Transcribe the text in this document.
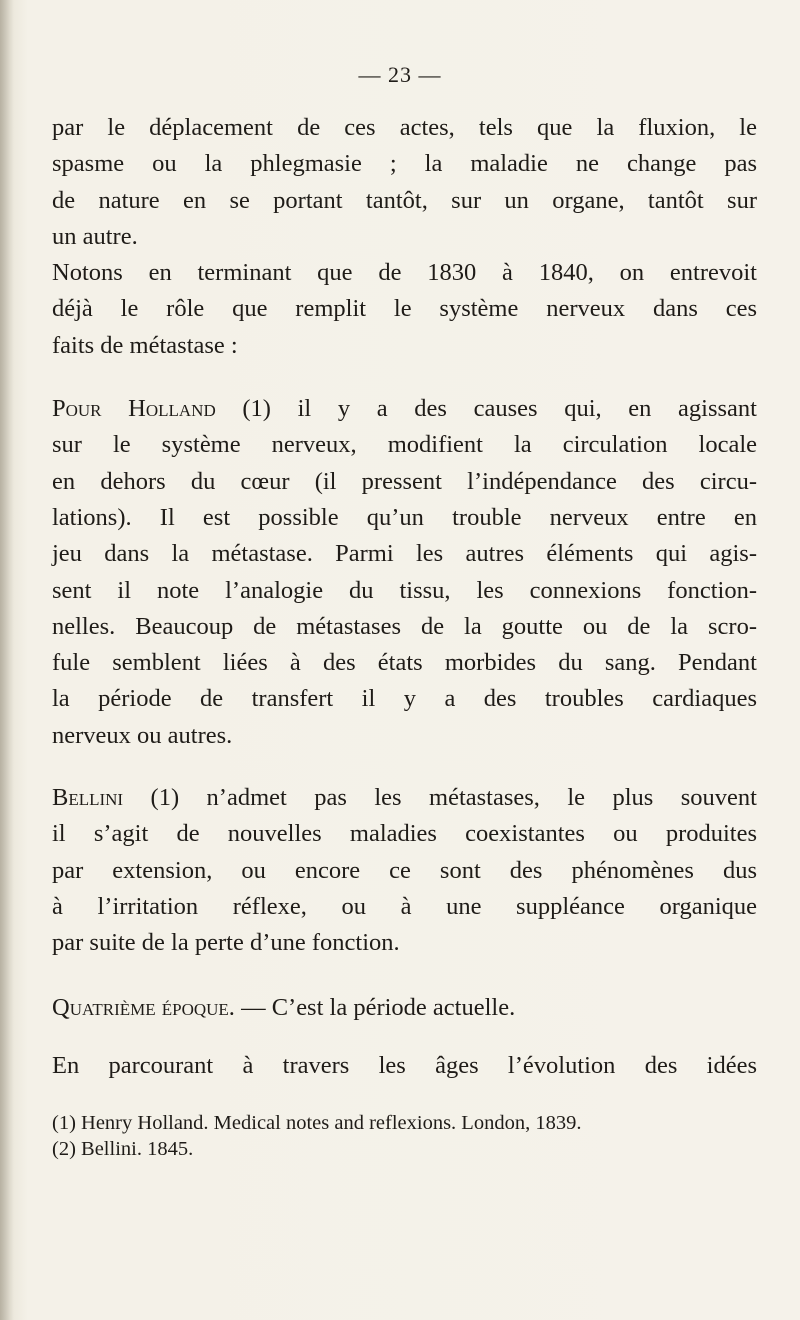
— 23 —

par le déplacement de ces actes, tels que la fluxion, le
spasme ou la phlegmasie ; la maladie ne change pas
de nature en se portant tantôt, sur un organe, tantôt sur
un autre.

Notons en terminant que de 1830 à 1840, on entrevoit
déjà le rôle que remplit le système nerveux dans ces
faits de métastase :

Pour Holland (1) il y a des causes qui, en agissant
sur le système nerveux, modifient la circulation locale
en dehors du cœur (il pressent l’indépendance des circu-
lations). Il est possible qu’un trouble nerveux entre en
jeu dans la métastase. Parmi les autres éléments qui agis-
sent il note l’analogie du tissu, les connexions fonction-
nelles. Beaucoup de métastases de la goutte ou de la scro-
fule semblent liées à des états morbides du sang. Pendant
la période de transfert il y a des troubles cardiaques
nerveux ou autres.

Bellini (1) n’admet pas les métastases, le plus souvent
il s’agit de nouvelles maladies coexistantes ou produites
par extension, ou encore ce sont des phénomènes dus
à l’irritation réflexe, ou à une suppléance organique
par suite de la perte d’une fonction.

Quatrième époque. — C’est la période actuelle.

En parcourant à travers les âges l’évolution des idées

(1) Henry Holland. Medical notes and reflexions. London, 1839.
(2) Bellini. 1845.
